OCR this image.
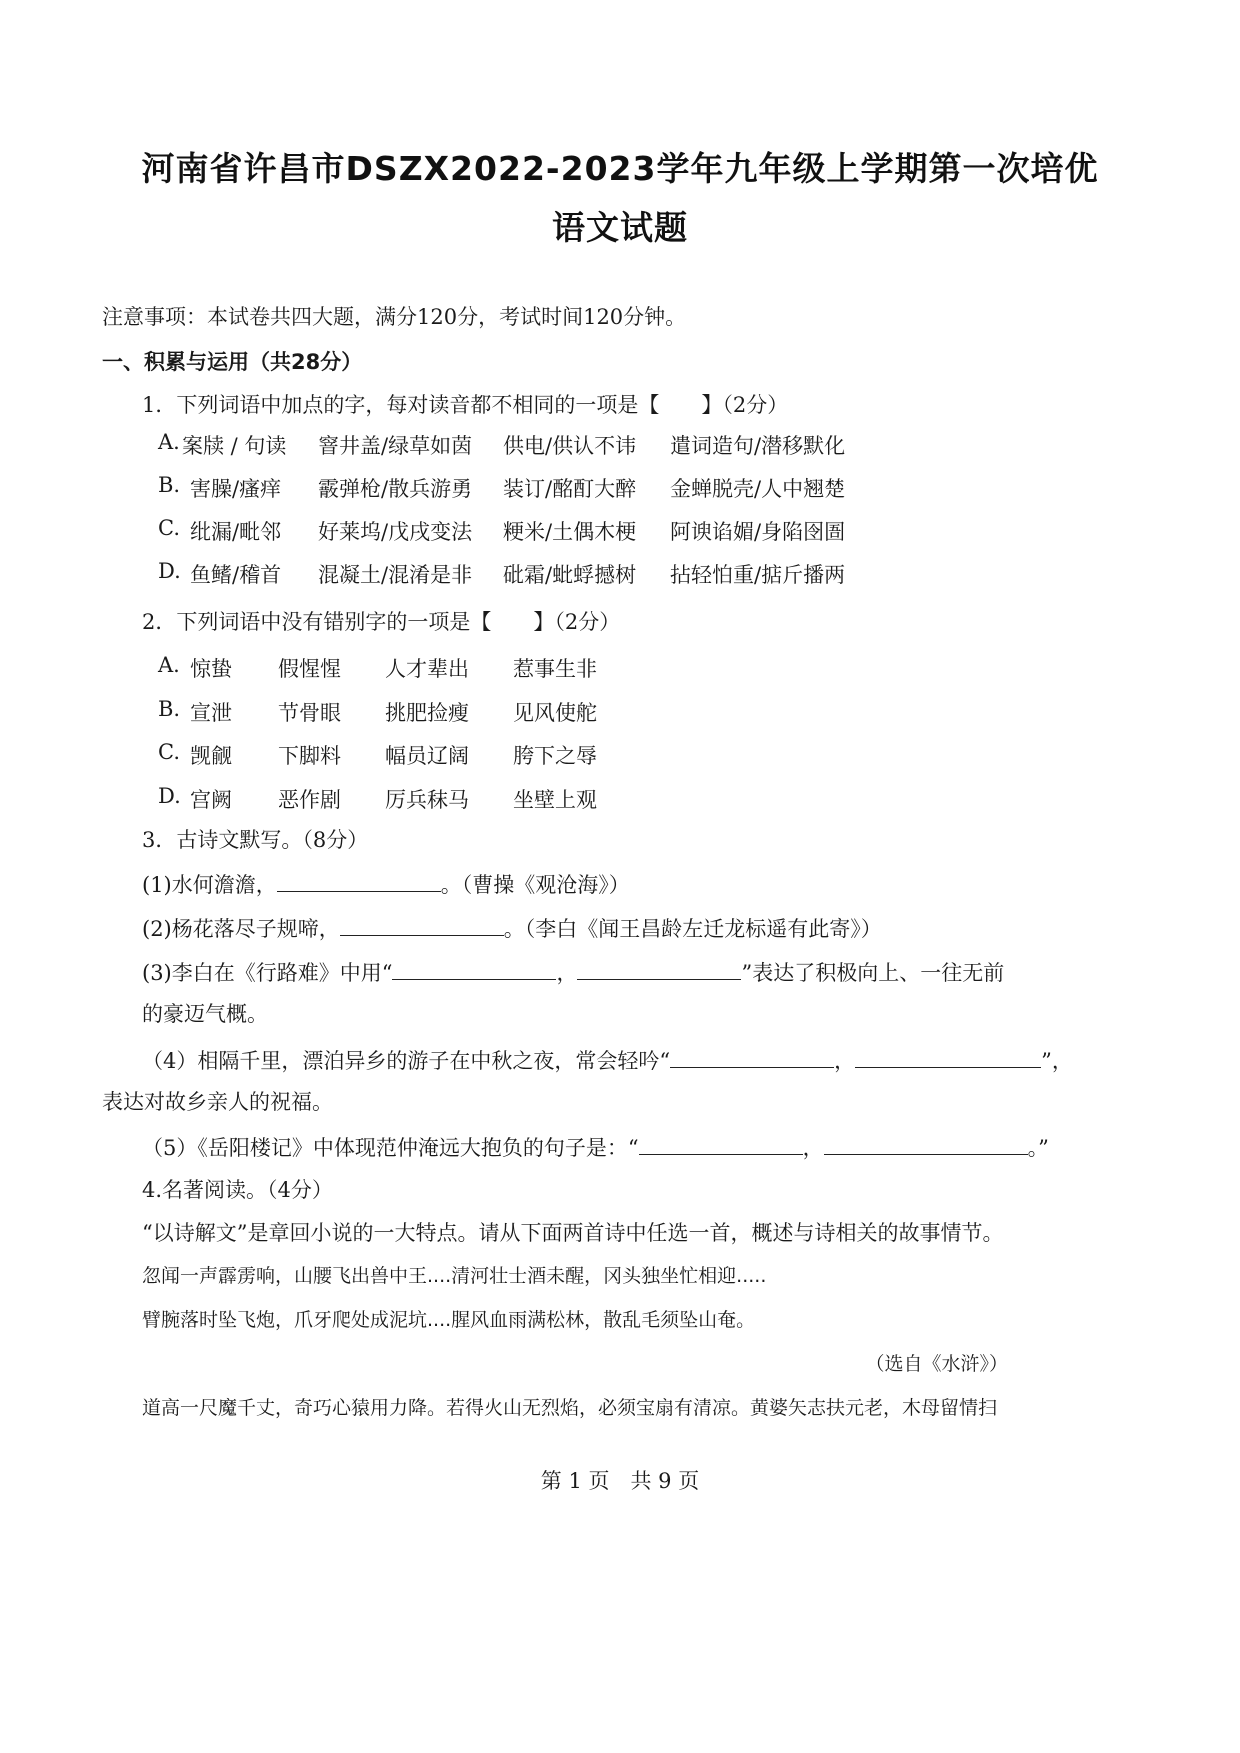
河南省许昌市DSZX2022-2023学年九年级上学期第一次培优
语文试题
注意事项：本试卷共四大题，满分120分，考试时间120分钟。
一、积累与运用（共28分）
1．下列词语中加点的字，每对读音都不相同的一项是【　　】（2分）
A. 案牍 / 句读 窨井盖/绿草如茵 供电/供认不讳 遣词造句/潜移默化
B. 害臊/瘙痒 霰弹枪/散兵游勇 装订/酩酊大醉 金蝉脱壳/人中翘楚
C. 纰漏/毗邻 好莱坞/戊戌变法 粳米/土偶木梗 阿谀谄媚/身陷囹圄
D. 鱼鳍/稽首 混凝土/混淆是非 砒霜/蚍蜉撼树 拈轻怕重/掂斤播两
2．下列词语中没有错别字的一项是【　　】（2分）
A. 惊蛰 假惺惺 人才辈出 惹事生非
B. 宣泄 节骨眼 挑肥捡瘦 见风使舵
C. 觊觎 下脚料 幅员辽阔 胯下之辱
D. 宫阙 恶作剧 厉兵秣马 坐壁上观
3．古诗文默写。（8分）
(1)水何澹澹，	。（曹操《观沧海》）
(2)杨花落尽子规啼，	。（李白《闻王昌龄左迁龙标遥有此寄》）
(3)李白在《行路难》中用“	，	”表达了积极向上、一往无前
的豪迈气概。
（4）相隔千里，漂泊异乡的游子在中秋之夜，常会轻吟“	，	”，
表达对故乡亲人的祝福。
（5）《岳阳楼记》中体现范仲淹远大抱负的句子是：“	，	。”
4.名著阅读。（4分）
“以诗解文”是章回小说的一大特点。请从下面两首诗中任选一首，概述与诗相关的故事情节。
忽闻一声霹雳响，山腰飞出兽中王....清河壮士酒未醒，冈头独坐忙相迎.....
臂腕落时坠飞炮，爪牙爬处成泥坑....腥风血雨满松林，散乱毛须坠山奄。
（选自《水浒》）
道高一尺魔千丈，奇巧心猿用力降。若得火山无烈焰，必须宝扇有清凉。黄婆矢志扶元老，木母留情扫
第 1 页　共 9 页
